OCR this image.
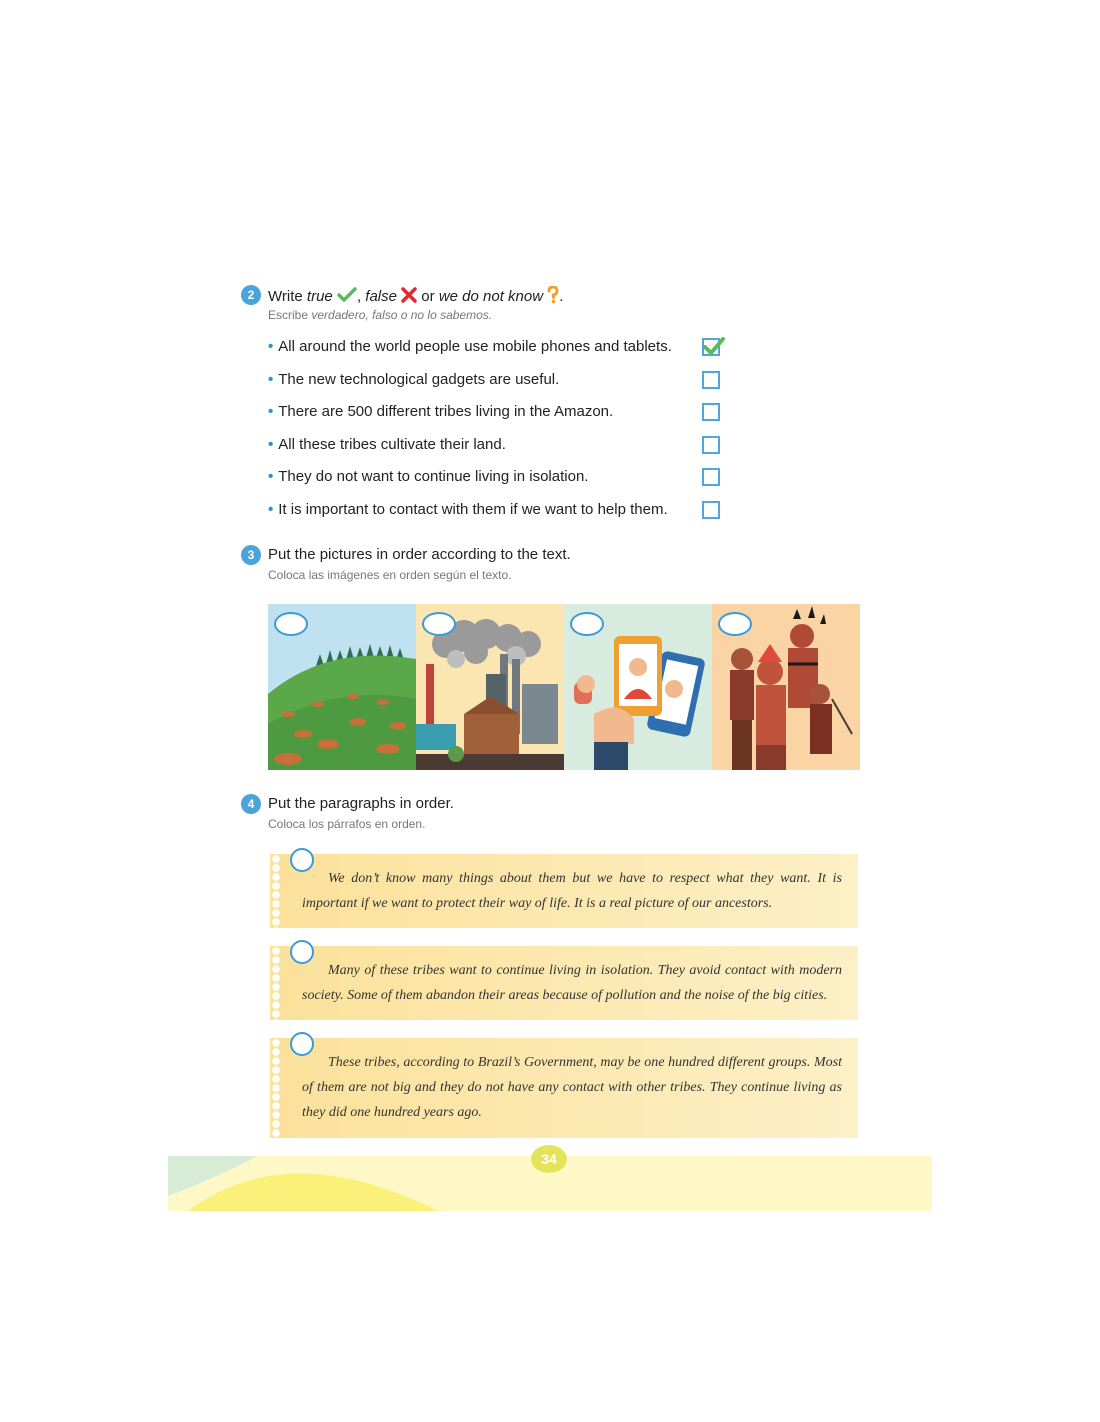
2 Write true , false  or we do not know .
Escribe verdadero, falso o no lo sabemos.
• All around the world people use mobile phones and tablets.
• The new technological gadgets are useful.
• There are 500 different tribes living in the Amazon.
• All these tribes cultivate their land.
• They do not want to continue living in isolation.
• It is important to contact with them if we want to help them.
3 Put the pictures in order according to the text.
Coloca las imágenes en orden según el texto.
4 Put the paragraphs in order.
Coloca los párrafos en orden.

We don’t know many things about them but we have to respect what they want. It is important if we want to protect their way of life. It is a real picture of our ancestors.

Many of these tribes want to continue living in isolation. They avoid contact with modern society. Some of them abandon their areas because of pollution and the noise of the big cities.

These tribes, according to Brazil’s Government, may be one hundred different groups. Most of them are not big and they do not have any contact with other tribes. They continue living as they did one hundred years ago.

34
